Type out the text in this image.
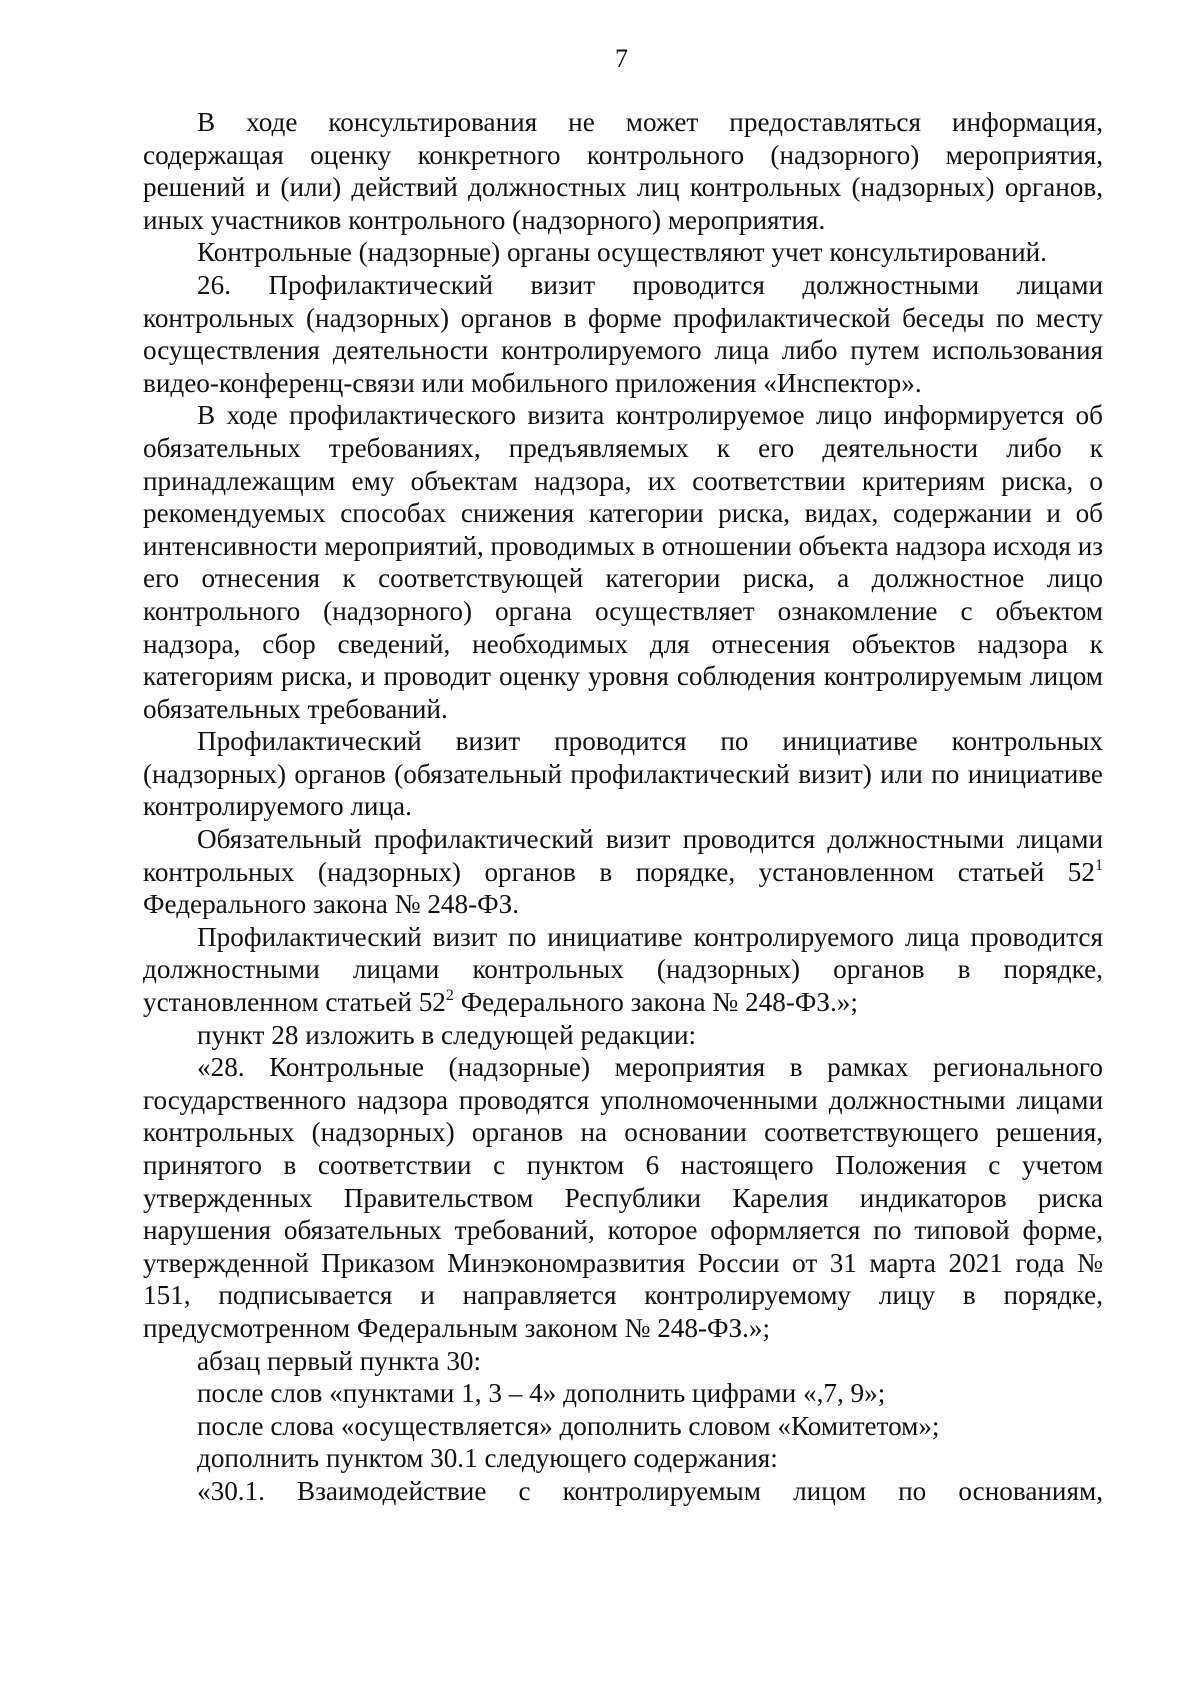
7

В ходе консультирования не может предоставляться информация, содержащая оценку конкретного контрольного (надзорного) мероприятия, решений и (или) действий должностных лиц контрольных (надзорных) органов, иных участников контрольного (надзорного) мероприятия.

Контрольные (надзорные) органы осуществляют учет консультирований.

26. Профилактический визит проводится должностными лицами контрольных (надзорных) органов в форме профилактической беседы по месту осуществления деятельности контролируемого лица либо путем использования видео-конференц-связи или мобильного приложения «Инспектор».

В ходе профилактического визита контролируемое лицо информируется об обязательных требованиях, предъявляемых к его деятельности либо к принадлежащим ему объектам надзора, их соответствии критериям риска, о рекомендуемых способах снижения категории риска, видах, содержании и об интенсивности мероприятий, проводимых в отношении объекта надзора исходя из его отнесения к соответствующей категории риска, а должностное лицо контрольного (надзорного) органа осуществляет ознакомление с объектом надзора, сбор сведений, необходимых для отнесения объектов надзора к категориям риска, и проводит оценку уровня соблюдения контролируемым лицом обязательных требований.

Профилактический визит проводится по инициативе контрольных (надзорных) органов (обязательный профилактический визит) или по инициативе контролируемого лица.

Обязательный профилактический визит проводится должностными лицами контрольных (надзорных) органов в порядке, установленном статьей $52^1$ Федерального закона № 248-ФЗ.

Профилактический визит по инициативе контролируемого лица проводится должностными лицами контрольных (надзорных) органов в порядке, установленном статьей $52^2$ Федерального закона № 248-ФЗ.»;

пункт 28 изложить в следующей редакции:

«28. Контрольные (надзорные) мероприятия в рамках регионального государственного надзора проводятся уполномоченными должностными лицами контрольных (надзорных) органов на основании соответствующего решения, принятого в соответствии с пунктом 6 настоящего Положения с учетом утвержденных Правительством Республики Карелия индикаторов риска нарушения обязательных требований, которое оформляется по типовой форме, утвержденной Приказом Минэкономразвития России от 31 марта 2021 года № 151, подписывается и направляется контролируемому лицу в порядке, предусмотренном Федеральным законом № 248-ФЗ.»;

абзац первый пункта 30:

после слов «пунктами 1, 3 – 4» дополнить цифрами «,7, 9»;

после слова «осуществляется» дополнить словом «Комитетом»;

дополнить пунктом 30.1 следующего содержания:

«30.1. Взаимодействие с контролируемым лицом по основаниям,
